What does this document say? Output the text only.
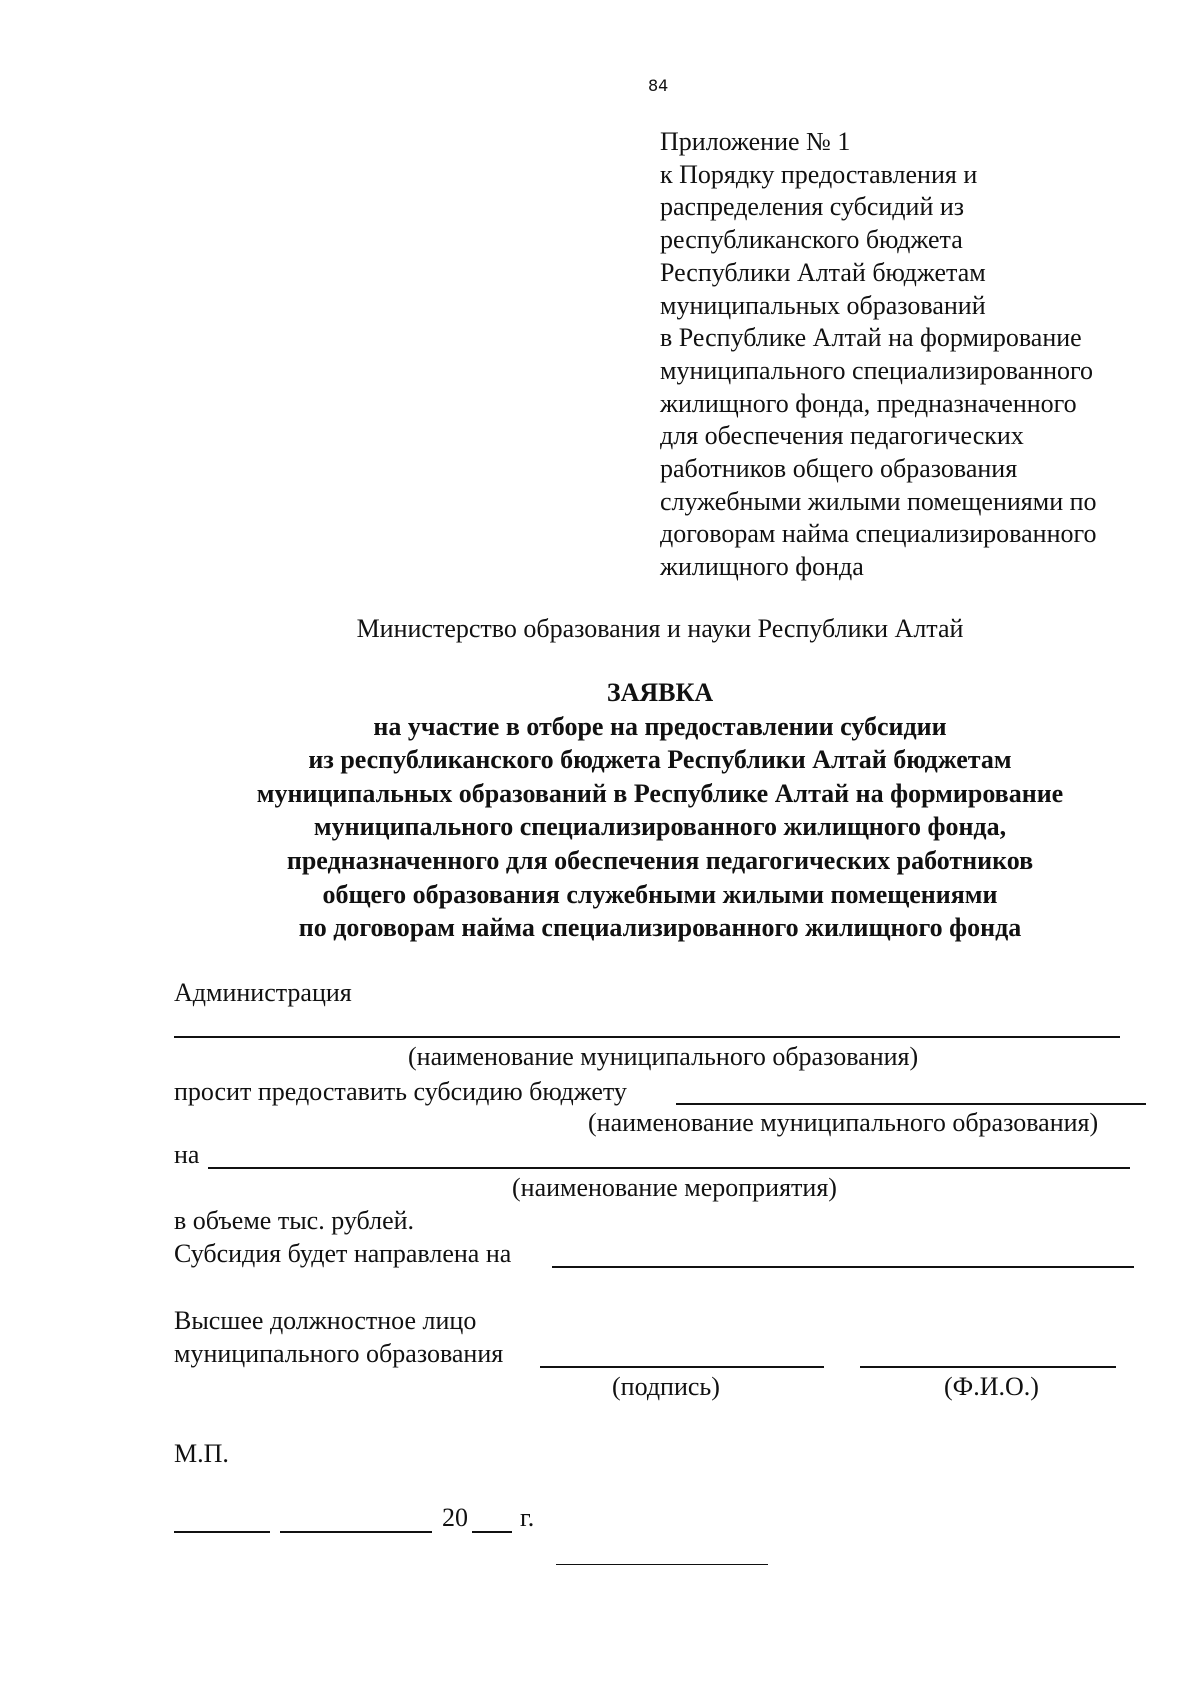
84
Приложение № 1
к Порядку предоставления и
распределения субсидий из
республиканского бюджета
Республики Алтай бюджетам
муниципальных образований
в Республике Алтай на формирование
муниципального специализированного
жилищного фонда, предназначенного
для обеспечения педагогических
работников общего образования
служебными жилыми помещениями по
договорам найма специализированного
жилищного фонда
Министерство образования и науки Республики Алтай
ЗАЯВКА
на участие в отборе на предоставлении субсидии
из республиканского бюджета Республики Алтай бюджетам
муниципальных образований в Республике Алтай на формирование
муниципального специализированного жилищного фонда,
предназначенного для обеспечения педагогических работников
общего образования служебными жилыми помещениями
по договорам найма специализированного жилищного фонда
Администрация
(наименование муниципального образования)
просит предоставить субсидию бюджету
(наименование муниципального образования)
на
(наименование мероприятия)
в объеме тыс. рублей.
Субсидия будет направлена на
Высшее должностное лицо
муниципального образования
(подпись)	(Ф.И.О.)
М.П.
20 г.
